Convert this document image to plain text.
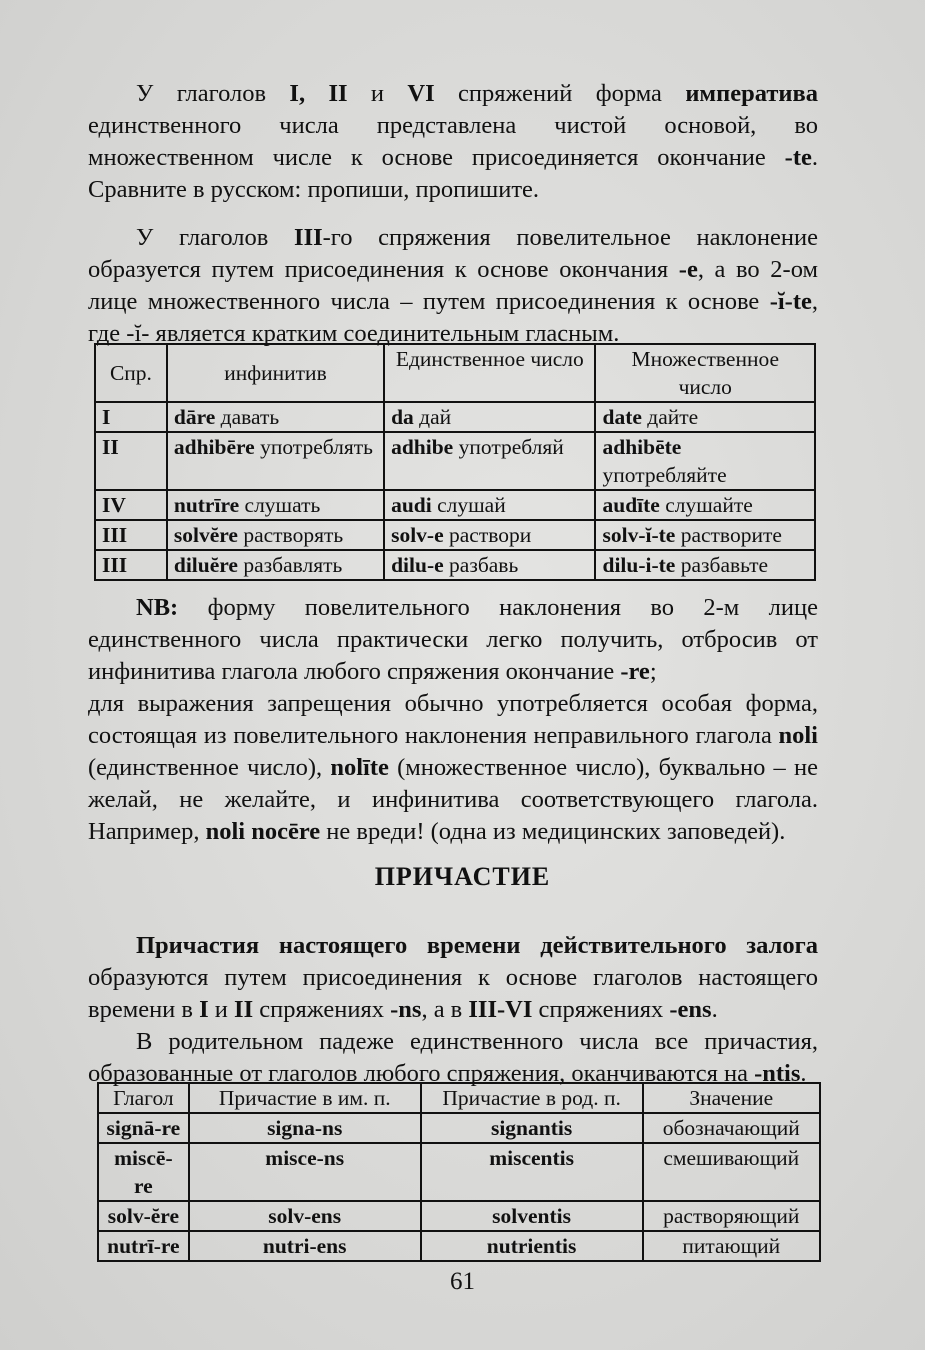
У глаголов I, II и VI спряжений форма императива единственного числа представлена чистой основой, во множественном числе к основе присоединяется окончание -te. Сравните в русском: пропиши, пропишите.

У глаголов III-го спряжения повелительное наклонение образуется путем присоединения к основе окончания -e, а во 2-ом лице множественного числа – путем присоединения к основе -ĭ-te, где -ĭ- является кратким соединительным гласным.

Спр.	инфинитив	Единственное число	Множественное число
I	dāre давать	da дай	date дайте
II	adhibēre употреблять	adhibe употребляй	adhibēte употребляйте
IV	nutrīre слушать	audi слушай	audīte слушайте
III	solvĕre растворять	solv-e раствори	solv-ĭ-te растворите
III	diluĕre разбавлять	dilu-e разбавь	dilu-i-te разбавьте

NB: форму повелительного наклонения во 2-м лице единственного числа практически легко получить, отбросив от инфинитива глагола любого спряжения окончание -re;

для выражения запрещения обычно употребляется особая форма, состоящая из повелительного наклонения неправильного глагола noli (единственное число), nolīte (множественное число), буквально – не желай, не желайте, и инфинитива соответствующего глагола. Например, noli nocēre не вреди! (одна из медицинских заповедей).

ПРИЧАСТИЕ

Причастия настоящего времени действительного залога образуются путем присоединения к основе глаголов настоящего времени в I и II спряжениях -ns, а в III-VI спряжениях -ens.

В родительном падеже единственного числа все причастия, образованные от глаголов любого спряжения, оканчиваются на -ntis.

Глагол	Причастие в им. п.	Причастие в род. п.	Значение
signā-re	signa-ns	signantis	обозначающий
miscē-re	misce-ns	miscentis	смешивающий
solv-ĕre	solv-ens	solventis	растворяющий
nutrī-re	nutri-ens	nutrientis	питающий
61
